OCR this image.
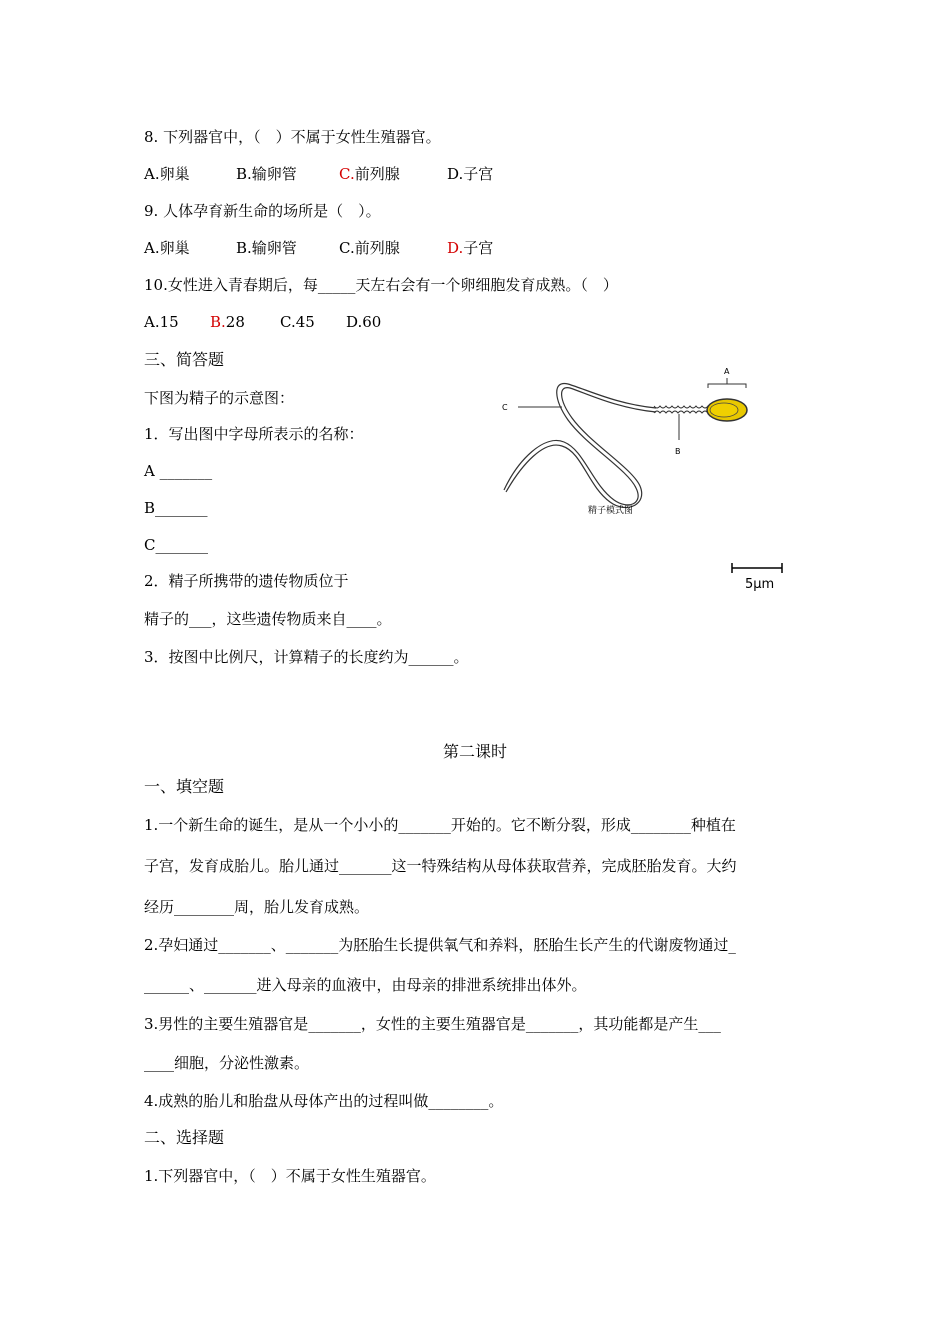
8. 下列器官中，（　）不属于女性生殖器官。
A.卵巢	B.输卵管	C.前列腺	D.子宫
9. 人体孕育新生命的场所是（　）。
A.卵巢	B.输卵管	C.前列腺	D.子宫
10.女性进入青春期后，每_____天左右会有一个卵细胞发育成熟。（　）
A.15 B.28 C.45 D.60
三、简答题
下图为精子的示意图：
1．写出图中字母所表示的名称：
A _______
B_______
C_______
2．精子所携带的遗传物质位于
精子的___，这些遗传物质来自____。
3．按图中比例尺，计算精子的长度约为______。
A
B
C
精子模式图
5μm
第二课时
一、填空题
1.一个新生命的诞生，是从一个小小的_______开始的。它不断分裂，形成________种植在
子宫，发育成胎儿。胎儿通过_______这一特殊结构从母体获取营养，完成胚胎发育。大约
经历________周，胎儿发育成熟。
2.孕妇通过_______、_______为胚胎生长提供氧气和养料，胚胎生长产生的代谢废物通过_
______、_______进入母亲的血液中，由母亲的排泄系统排出体外。
3.男性的主要生殖器官是_______，女性的主要生殖器官是_______，其功能都是产生___
____细胞，分泌性激素。
4.成熟的胎儿和胎盘从母体产出的过程叫做________。
二、选择题
1.下列器官中，（　）不属于女性生殖器官。
